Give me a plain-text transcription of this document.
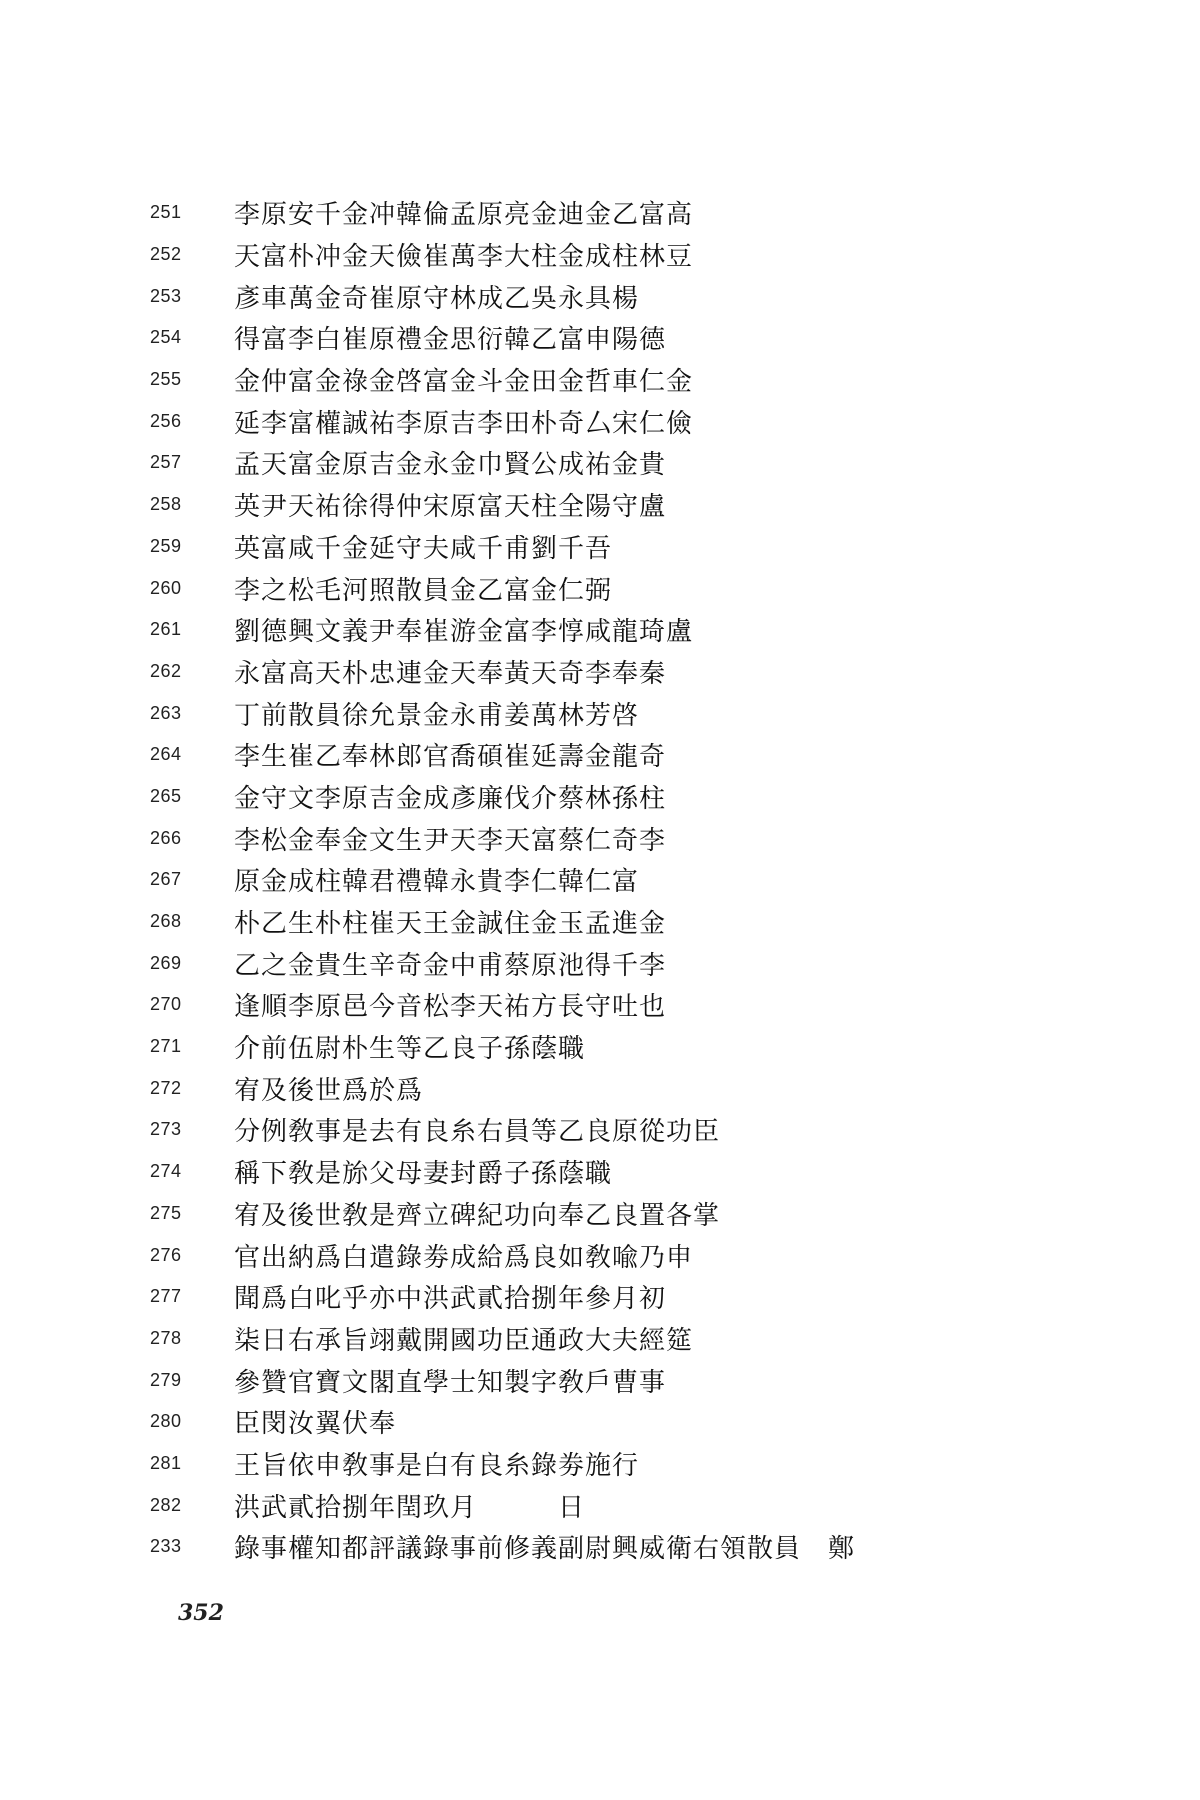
251	李原安千金冲韓倫孟原亮金迪金乙富高
252	天富朴冲金天儉崔萬李大柱金成柱林豆
253	彥車萬金奇崔原守林成乙吳永具楊
254	得富李白崔原禮金思衍韓乙富申陽德
255	金仲富金祿金啓富金斗金田金哲車仁金
256	延李富權誠祐李原吉李田朴奇厶宋仁儉
257	孟天富金原吉金永金巾賢公成祐金貴
258	英尹天祐徐得仲宋原富天柱全陽守盧
259	英富咸千金延守夫咸千甫劉千吾
260	李之松毛河照散員金乙富金仁弼
261	劉德興文義尹奉崔游金富李惇咸龍琦盧
262	永富高天朴忠連金天奉黃天奇李奉秦
263	丁前散員徐允景金永甫姜萬林芳啓
264	李生崔乙奉林郎官喬碩崔延壽金龍奇
265	金守文李原吉金成彥廉伐介蔡林孫柱
266	李松金奉金文生尹天李天富蔡仁奇李
267	原金成柱韓君禮韓永貴李仁韓仁富
268	朴乙生朴柱崔天王金誠住金玉孟進金
269	乙之金貴生辛奇金中甫蔡原池得千李
270	逢順李原邑今音松李天祐方長守吐也
271	介前伍尉朴生等乙良子孫蔭職
272	宥及後世爲於爲
273	分例敎事是去有良糸右員等乙良原從功臣
274	稱下敎是旀父母妻封爵子孫蔭職
275	宥及後世敎是齊立碑紀功向奉乙良置各掌
276	官出納爲白遣錄劵成給爲良如敎喩乃申
277	聞爲白叱乎亦中洪武貳拾捌年參月初
278	柒日右承旨翊戴開國功臣通政大夫經筵
279	參贊官寶文閣直學士知製字敎戶曹事
280	臣閔汝翼伏奉
281	王旨依申敎事是白有良糸錄劵施行
282	洪武貳拾捌年閏玖月　　　日
233	錄事權知都評議錄事前修義副尉興威衛右領散員　鄭
352
